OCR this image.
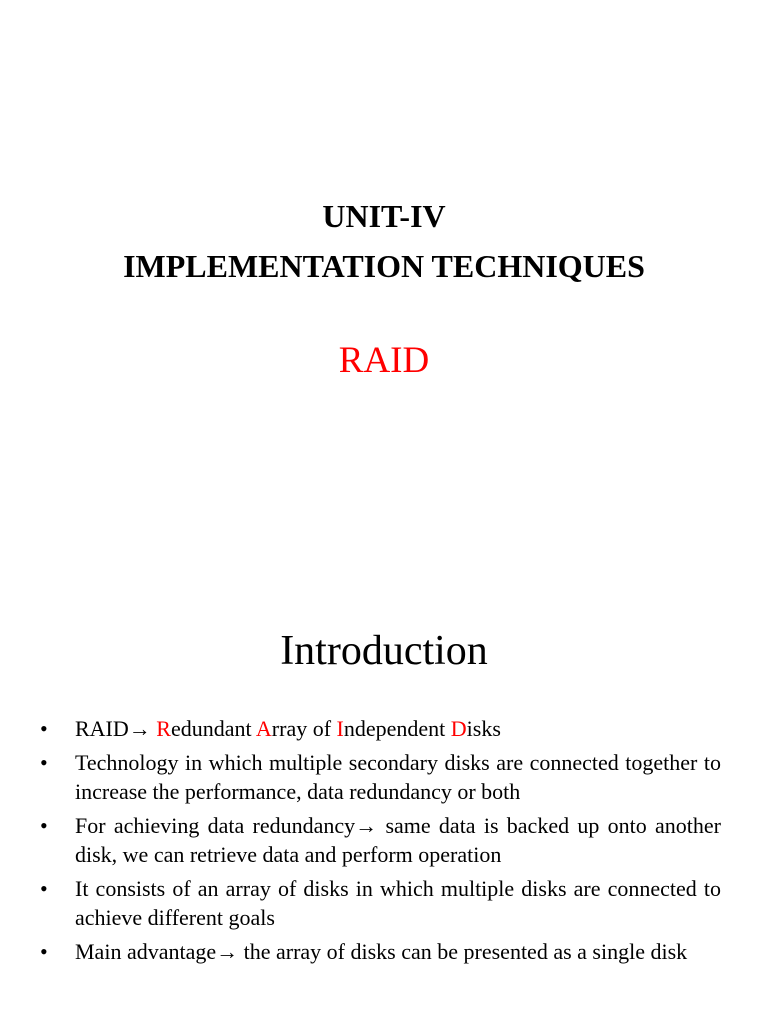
UNIT-IV
IMPLEMENTATION TECHNIQUES
RAID
Introduction
•	RAID→ Redundant Array of Independent Disks
•	Technology in which multiple secondary disks are connected together to increase the performance, data redundancy or both
•	For achieving data redundancy→ same data is backed up onto another disk, we can retrieve data and perform operation
•	It consists of an array of disks in which multiple disks are connected to achieve different goals
•	Main advantage→ the array of disks can be presented as a single disk
